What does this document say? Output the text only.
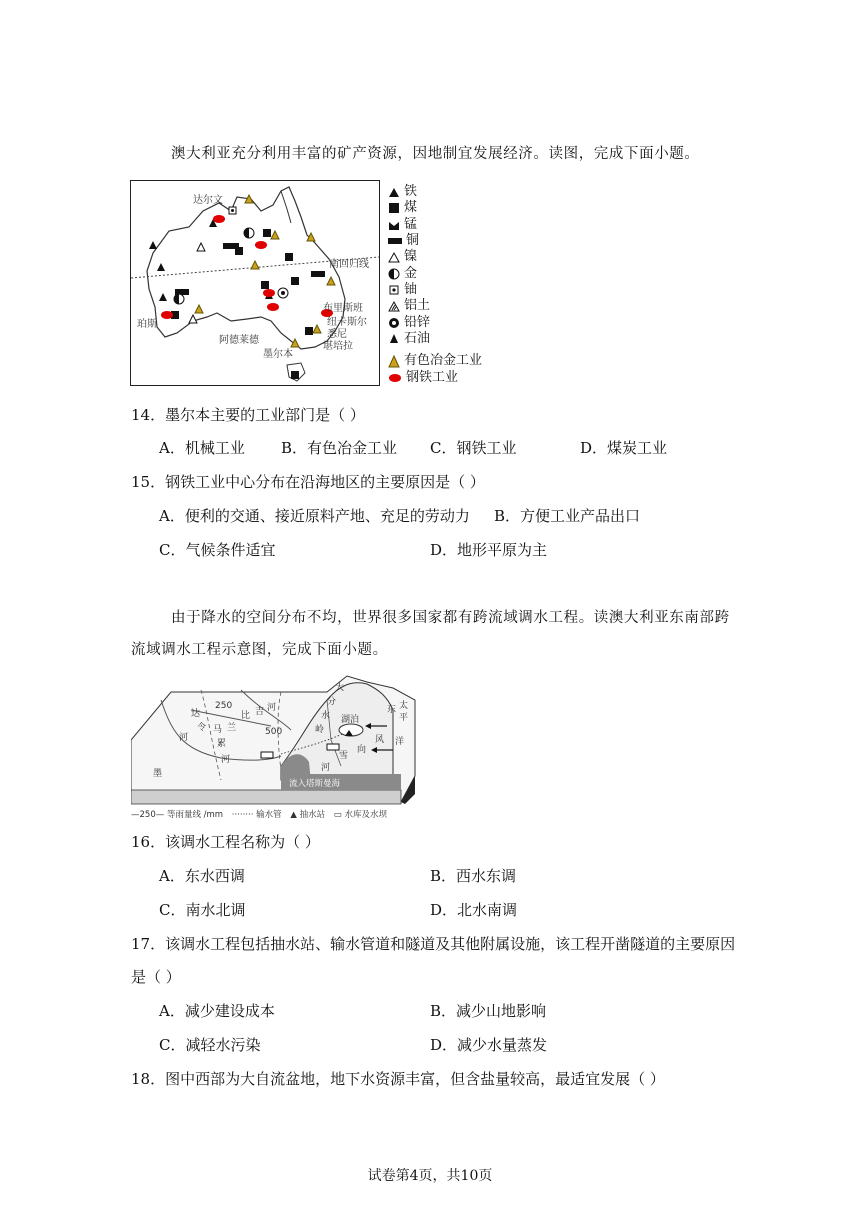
澳大利亚充分利用丰富的矿产资源，因地制宜发展经济。读图，完成下面小题。
达尔文
南回归线
布里斯班
纽卡斯尔
悉尼
堪培拉
珀斯
阿德莱德
墨尔本
铁
煤
锰
铜
镍
金
铀
铝土
铅锌
石油
有色冶金工业
钢铁工业
14．墨尔本主要的工业部门是（ ）
A．机械工业 B．有色冶金工业 C．钢铁工业	D．煤炭工业
15．钢铁工业中心分布在沿海地区的主要原因是（ ）
A．便利的交通、接近原料产地、充足的劳动力 B．方便工业产品出口
C．气候条件适宜	D．地形平原为主
由于降水的空间分布不均，世界很多国家都有跨流域调水工程。读澳大利亚东南部跨
流域调水工程示意图，完成下面小题。
250
500
墨
累
河
达
令
河
马 兰
比 吉 河
大
分
水
岭
湖泊
东
风
向
雪
河
太
平
洋
流入塔斯曼海
—250— 等雨量线 /mm ········ 输水管 ▲ 抽水站 ▭ 水库及水坝
16．该调水工程名称为（ ）
A．东水西调	B．西水东调
C．南水北调	D．北水南调
17．该调水工程包括抽水站、输水管道和隧道及其他附属设施，该工程开凿隧道的主要原因
是（ ）
A．减少建设成本	B．减少山地影响
C．减轻水污染	D．减少水量蒸发
18．图中西部为大自流盆地，地下水资源丰富，但含盐量较高，最适宜发展（ ）
试卷第4页，共10页
